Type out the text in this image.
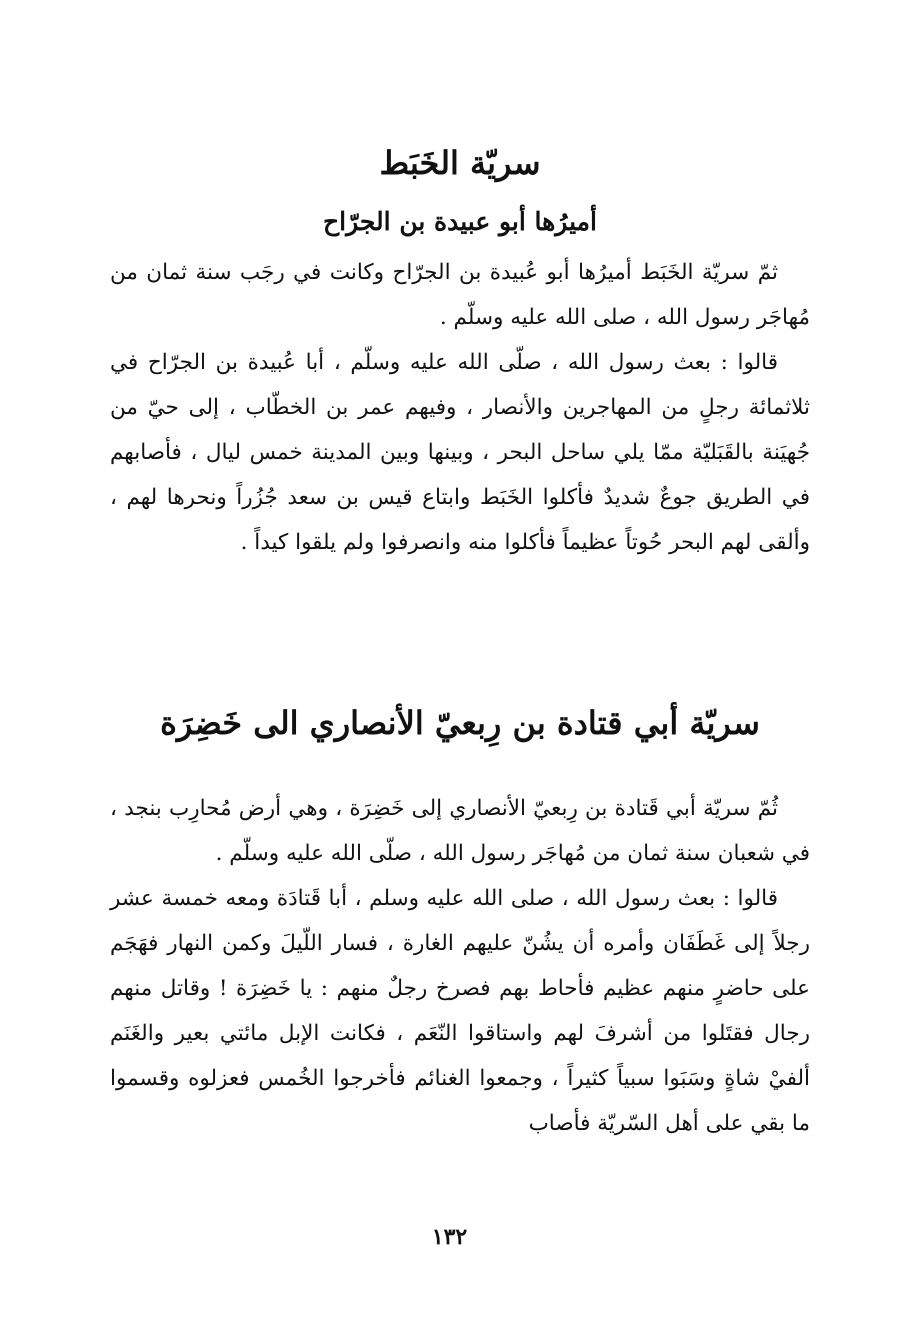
سريّة الخَبَط
أميرُها أبو عبيدة بن الجرّاح

ثمّ سريّة الخَبَط أميرُها أبو عُبيدة بن الجرّاح وكانت في رجَب سنة ثمان من مُهاجَر رسول الله ، صلى الله عليه وسلّم .

قالوا : بعث رسول الله ، صلّى الله عليه وسلّم ، أبا عُبيدة بن الجرّاح في ثلاثمائة رجلٍ من المهاجرين والأنصار ، وفيهم عمر بن الخطّاب ، إلى حيّ من جُهيَنة بالقَبَليّة ممّا يلي ساحل البحر ، وبينها وبين المدينة خمس ليال ، فأصابهم في الطريق جوعٌ شديدٌ فأكلوا الخَبَط وابتاع قيس بن سعد جُزُراً ونحرها لهم ، وألقى لهم البحر حُوتاً عظيماً فأكلوا منه وانصرفوا ولم يلقوا كيداً .

سريّة أبي قتادة بن رِبعيّ الأنصاري الى خَضِرَة

ثُمّ سريّة أبي قَتادة بن رِبعيّ الأنصاري إلى خَضِرَة ، وهي أرض مُحارِب بنجد ، في شعبان سنة ثمان من مُهاجَر رسول الله ، صلّى الله عليه وسلّم .

قالوا : بعث رسول الله ، صلى الله عليه وسلم ، أبا قَتادَة ومعه خمسة عشر رجلاً إلى غَطَفَان وأمره أن يشُنّ عليهم الغارة ، فسار اللّيلَ وكمن النهار فهَجَم على حاضرٍ منهم عظيم فأحاط بهم فصرخ رجلٌ منهم : يا خَضِرَة ! وقاتل منهم رجال فقتَلوا من أشرفَ لهم واستاقوا النّعَم ، فكانت الإبل مائتي بعير والغَنَم ألفيْ شاةٍ وسَبَوا سبياً كثيراً ، وجمعوا الغنائم فأخرجوا الخُمس فعزلوه وقسموا ما بقي على أهل السّريّة فأصاب

١٣٢
